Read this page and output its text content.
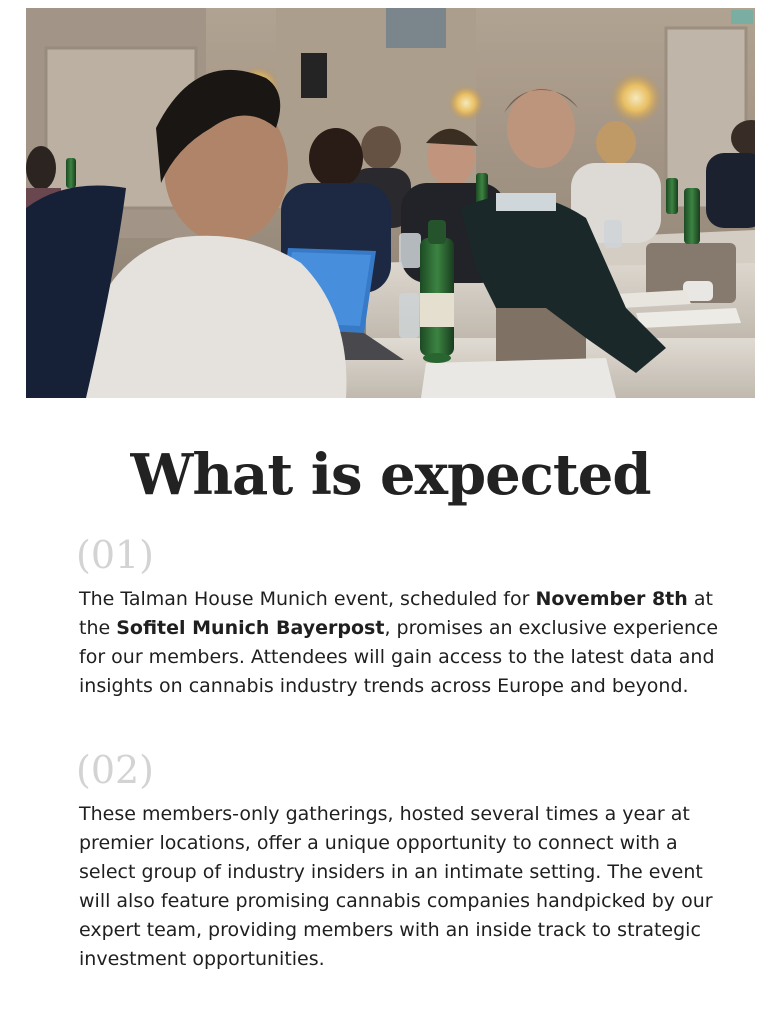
What is expected

(01)

The Talman House Munich event, scheduled for November 8th at the Sofitel Munich Bayerpost, promises an exclusive experience for our members. Attendees will gain access to the latest data and insights on cannabis industry trends across Europe and beyond.

(02)

These members-only gatherings, hosted several times a year at premier locations, offer a unique opportunity to connect with a select group of industry insiders in an intimate setting. The event will also feature promising cannabis companies handpicked by our expert team, providing members with an inside track to strategic investment opportunities.
